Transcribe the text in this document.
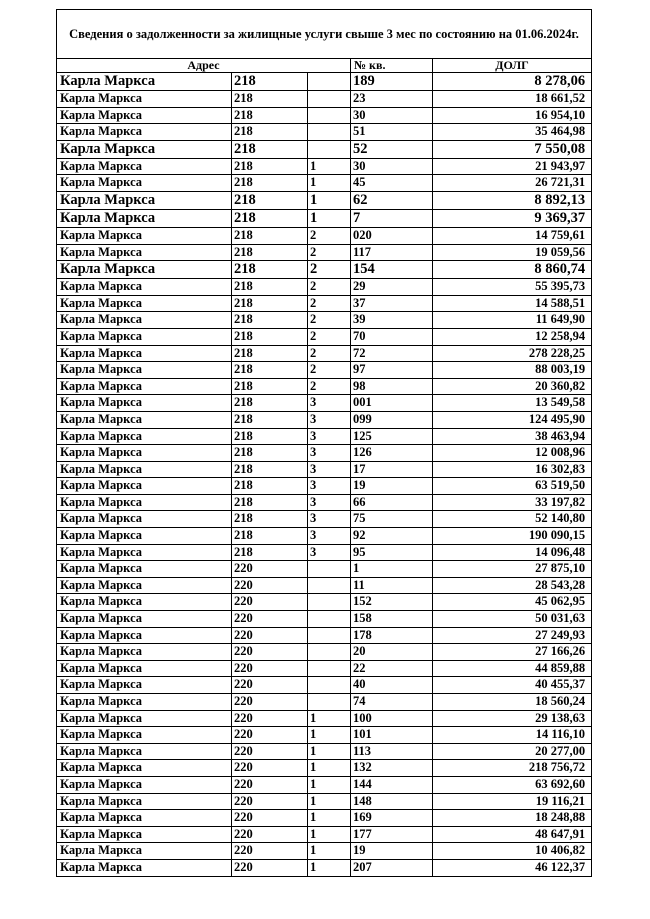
Сведения о задолженности за жилищные услуги свыше 3 мес по состоянию на 01.06.2024г.				
Адрес			№ кв.	ДОЛГ
Карла Маркса	218		189	8 278,06
Карла Маркса	218		23	18 661,52
Карла Маркса	218		30	16 954,10
Карла Маркса	218		51	35 464,98
Карла Маркса	218		52	7 550,08
Карла Маркса	218	1	30	21 943,97
Карла Маркса	218	1	45	26 721,31
Карла Маркса	218	1	62	8 892,13
Карла Маркса	218	1	7	9 369,37
Карла Маркса	218	2	020	14 759,61
Карла Маркса	218	2	117	19 059,56
Карла Маркса	218	2	154	8 860,74
Карла Маркса	218	2	29	55 395,73
Карла Маркса	218	2	37	14 588,51
Карла Маркса	218	2	39	11 649,90
Карла Маркса	218	2	70	12 258,94
Карла Маркса	218	2	72	278 228,25
Карла Маркса	218	2	97	88 003,19
Карла Маркса	218	2	98	20 360,82
Карла Маркса	218	3	001	13 549,58
Карла Маркса	218	3	099	124 495,90
Карла Маркса	218	3	125	38 463,94
Карла Маркса	218	3	126	12 008,96
Карла Маркса	218	3	17	16 302,83
Карла Маркса	218	3	19	63 519,50
Карла Маркса	218	3	66	33 197,82
Карла Маркса	218	3	75	52 140,80
Карла Маркса	218	3	92	190 090,15
Карла Маркса	218	3	95	14 096,48
Карла Маркса	220		1	27 875,10
Карла Маркса	220		11	28 543,28
Карла Маркса	220		152	45 062,95
Карла Маркса	220		158	50 031,63
Карла Маркса	220		178	27 249,93
Карла Маркса	220		20	27 166,26
Карла Маркса	220		22	44 859,88
Карла Маркса	220		40	40 455,37
Карла Маркса	220		74	18 560,24
Карла Маркса	220	1	100	29 138,63
Карла Маркса	220	1	101	14 116,10
Карла Маркса	220	1	113	20 277,00
Карла Маркса	220	1	132	218 756,72
Карла Маркса	220	1	144	63 692,60
Карла Маркса	220	1	148	19 116,21
Карла Маркса	220	1	169	18 248,88
Карла Маркса	220	1	177	48 647,91
Карла Маркса	220	1	19	10 406,82
Карла Маркса	220	1	207	46 122,37
